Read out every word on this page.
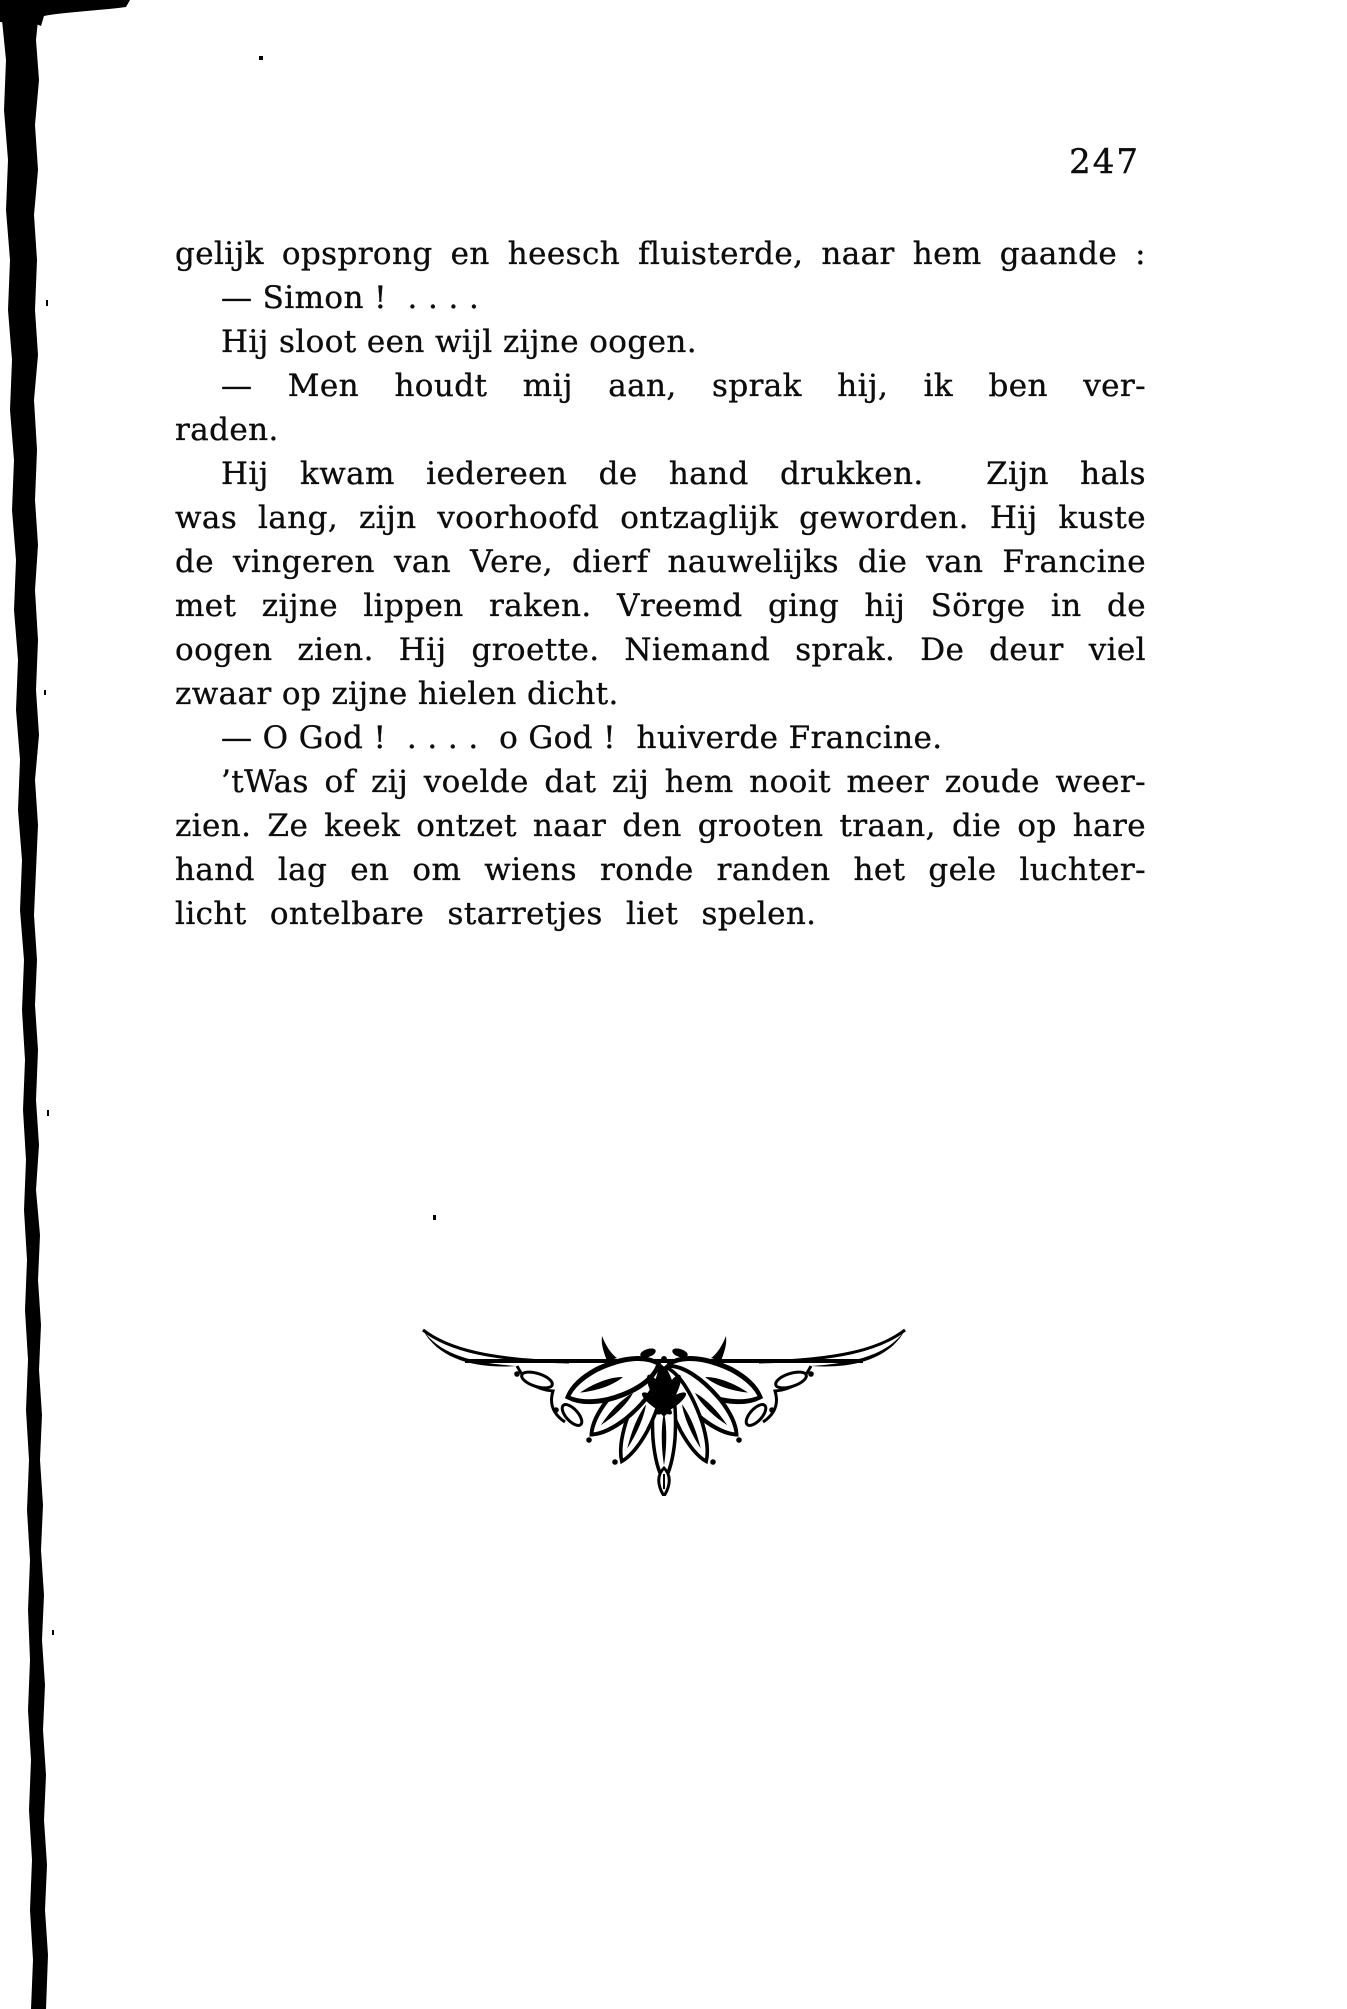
247
gelijk opsprong en heesch fluisterde, naar hem gaande :
— Simon !  . . . .
Hij sloot een wijl zijne oogen.
— Men houdt mij aan, sprak hij, ik ben ver-
raden.
Hij kwam iedereen de hand drukken.  Zijn hals
was lang, zijn voorhoofd ontzaglijk geworden. Hij kuste
de vingeren van Vere, dierf nauwelijks die van Francine
met zijne lippen raken. Vreemd ging hij Sörge in de
oogen zien. Hij groette. Niemand sprak. De deur viel
zwaar op zijne hielen dicht.
— O God !  . . . .  o God !  huiverde Francine.
’tWas of zij voelde dat zij hem nooit meer zoude weer-
zien. Ze keek ontzet naar den grooten traan, die op hare
hand lag en om wiens ronde randen het gele luchter-
licht ontelbare starretjes liet spelen.
